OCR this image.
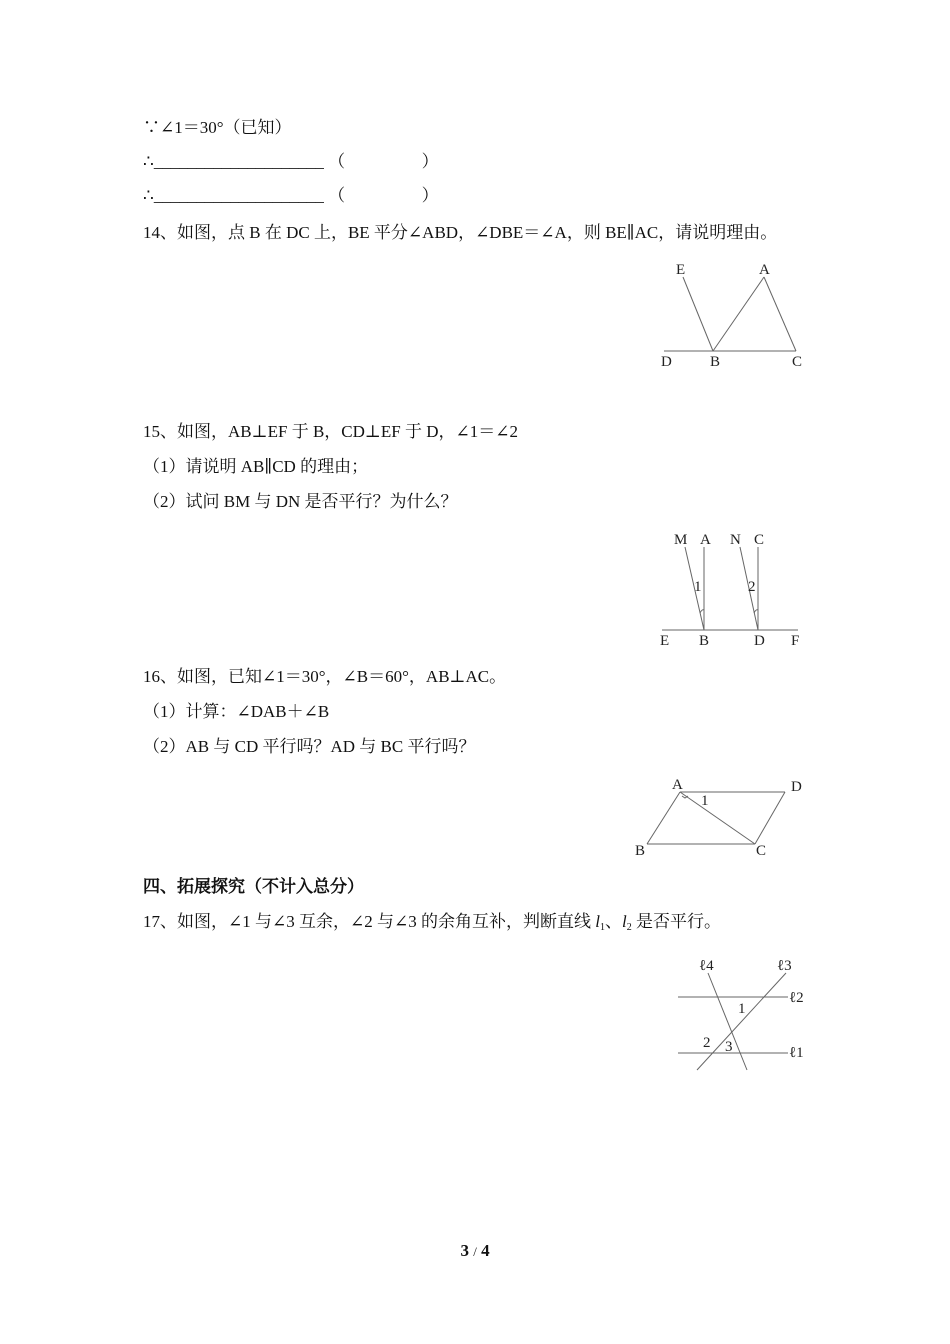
∵∠1＝30°（已知）
∴____________________ （                  ）
∴____________________ （                  ）
14、如图，点 B 在 DC 上，BE 平分∠ABD，∠DBE＝∠A，则 BE∥AC，请说明理由。
E	A
D	B	C
15、如图，AB⊥EF 于 B，CD⊥EF 于 D，∠1＝∠2
（1）请说明 AB∥CD 的理由；
（2）试问 BM 与 DN 是否平行？为什么？
M A N C
1	2
E B	D F
16、如图，已知∠1＝30°，∠B＝60°，AB⊥AC。
（1）计算：∠DAB＋∠B
（2）AB 与 CD 平行吗？AD 与 BC 平行吗？
A	D
1
B	C
四、拓展探究（不计入总分）
17、如图，∠1 与∠3 互余，∠2 与∠3 的余角互补，判断直线 $l_1$、$l_2$ 是否平行。
ℓ4	ℓ3
ℓ2
ℓ1
1
2 3
3 / 4
